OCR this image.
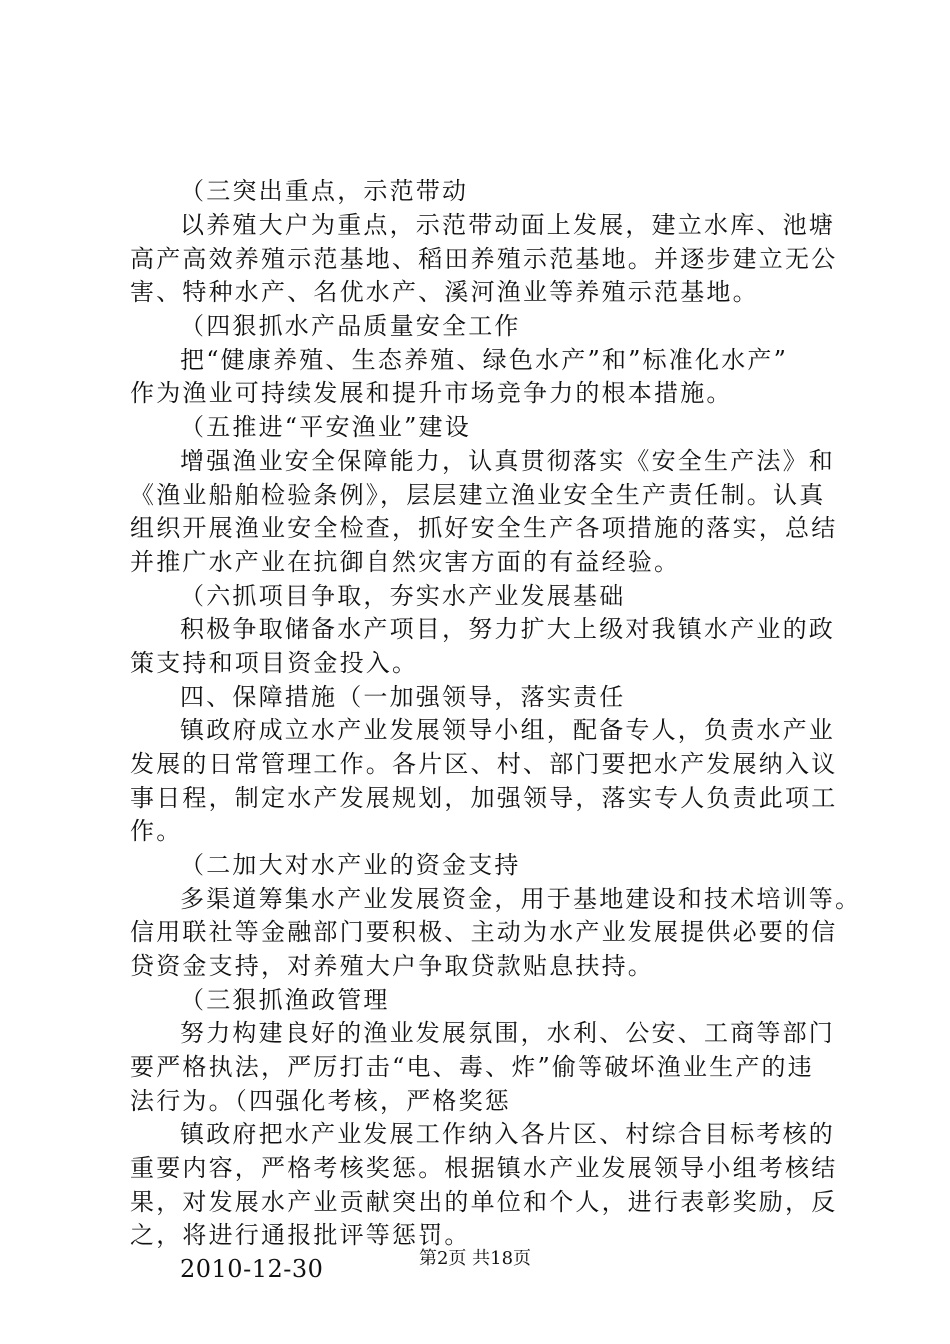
（三突出重点，示范带动
以养殖大户为重点，示范带动面上发展，建立水库、池塘
高产高效养殖示范基地、稻田养殖示范基地。并逐步建立无公
害、特种水产、名优水产、溪河渔业等养殖示范基地。
（四狠抓水产品质量安全工作
把“健康养殖、生态养殖、绿色水产”和”标准化水产”
作为渔业可持续发展和提升市场竞争力的根本措施。
（五推进“平安渔业”建设
增强渔业安全保障能力，认真贯彻落实《安全生产法》和
《渔业船舶检验条例》，层层建立渔业安全生产责任制。认真
组织开展渔业安全检查，抓好安全生产各项措施的落实，总结
并推广水产业在抗御自然灾害方面的有益经验。
（六抓项目争取，夯实水产业发展基础
积极争取储备水产项目，努力扩大上级对我镇水产业的政
策支持和项目资金投入。
四、保障措施（一加强领导，落实责任
镇政府成立水产业发展领导小组，配备专人，负责水产业
发展的日常管理工作。各片区、村、部门要把水产发展纳入议
事日程，制定水产发展规划，加强领导，落实专人负责此项工
作。
（二加大对水产业的资金支持
多渠道筹集水产业发展资金，用于基地建设和技术培训等。
信用联社等金融部门要积极、主动为水产业发展提供必要的信
贷资金支持，对养殖大户争取贷款贴息扶持。
（三狠抓渔政管理
努力构建良好的渔业发展氛围，水利、公安、工商等部门
要严格执法，严厉打击“电、毒、炸”偷等破坏渔业生产的违
法行为。（四强化考核，严格奖惩
镇政府把水产业发展工作纳入各片区、村综合目标考核的
重要内容，严格考核奖惩。根据镇水产业发展领导小组考核结
果，对发展水产业贡献突出的单位和个人，进行表彰奖励，反
之，将进行通报批评等惩罚。
2010-12-30	第2页 共18页
